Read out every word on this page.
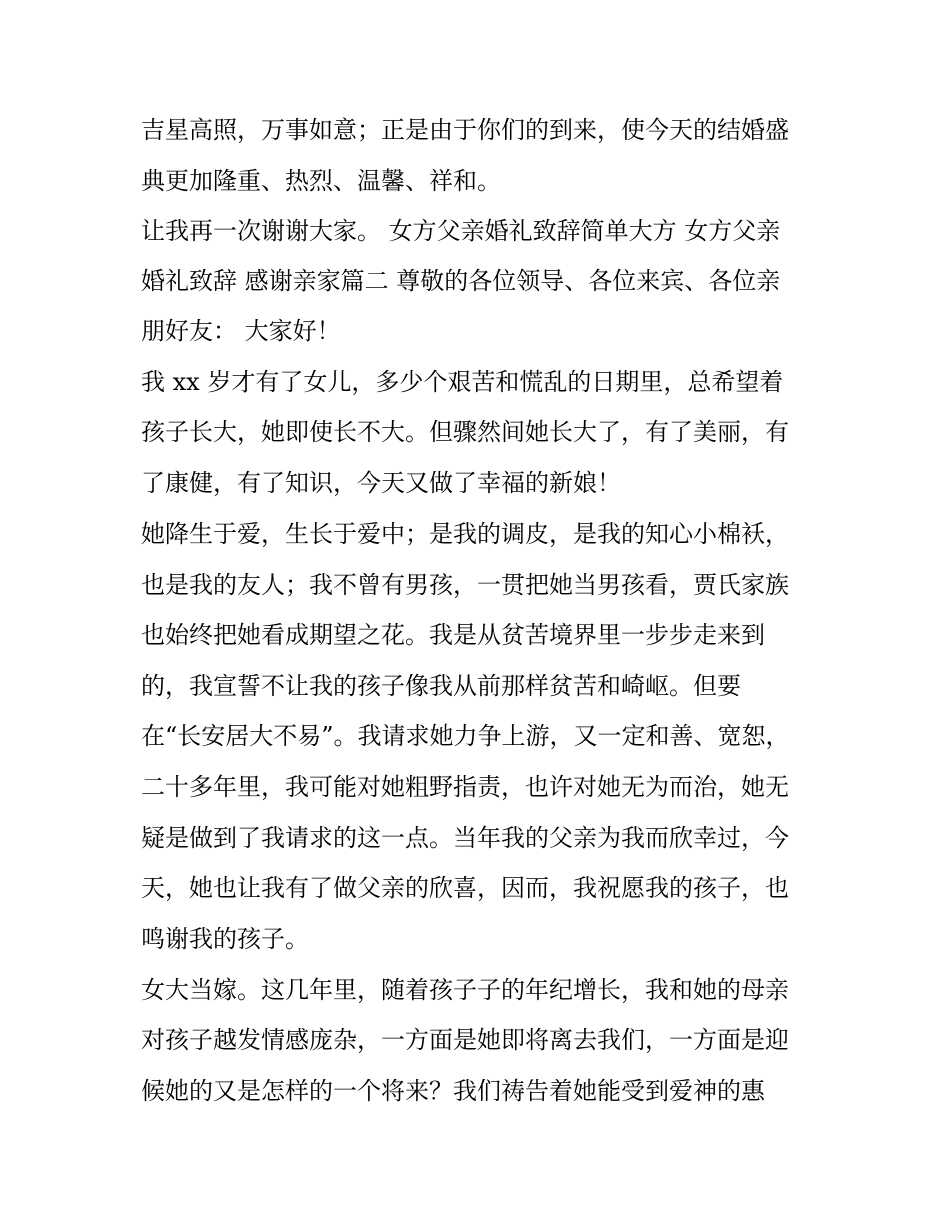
吉星高照，万事如意；正是由于你们的到来，使今天的结婚盛
典更加隆重、热烈、温馨、祥和。
让我再一次谢谢大家。 女方父亲婚礼致辞简单大方 女方父亲
婚礼致辞 感谢亲家篇二 尊敬的各位领导、各位来宾、各位亲
朋好友： 大家好！
我 xx 岁才有了女儿，多少个艰苦和慌乱的日期里，总希望着
孩子长大，她即使长不大。但骤然间她长大了，有了美丽，有
了康健，有了知识，今天又做了幸福的新娘！
她降生于爱，生长于爱中；是我的调皮，是我的知心小棉袄，
也是我的友人；我不曾有男孩，一贯把她当男孩看，贾氏家族
也始终把她看成期望之花。我是从贫苦境界里一步步走来到
的，我宣誓不让我的孩子像我从前那样贫苦和崎岖。但要
在“长安居大不易”。我请求她力争上游，又一定和善、宽恕，
二十多年里，我可能对她粗野指责，也许对她无为而治，她无
疑是做到了我请求的这一点。当年我的父亲为我而欣幸过，今
天，她也让我有了做父亲的欣喜，因而，我祝愿我的孩子，也
鸣谢我的孩子。
女大当嫁。这几年里，随着孩子子的年纪增长，我和她的母亲
对孩子越发情感庞杂，一方面是她即将离去我们，一方面是迎
候她的又是怎样的一个将来？我们祷告着她能受到爱神的惠
